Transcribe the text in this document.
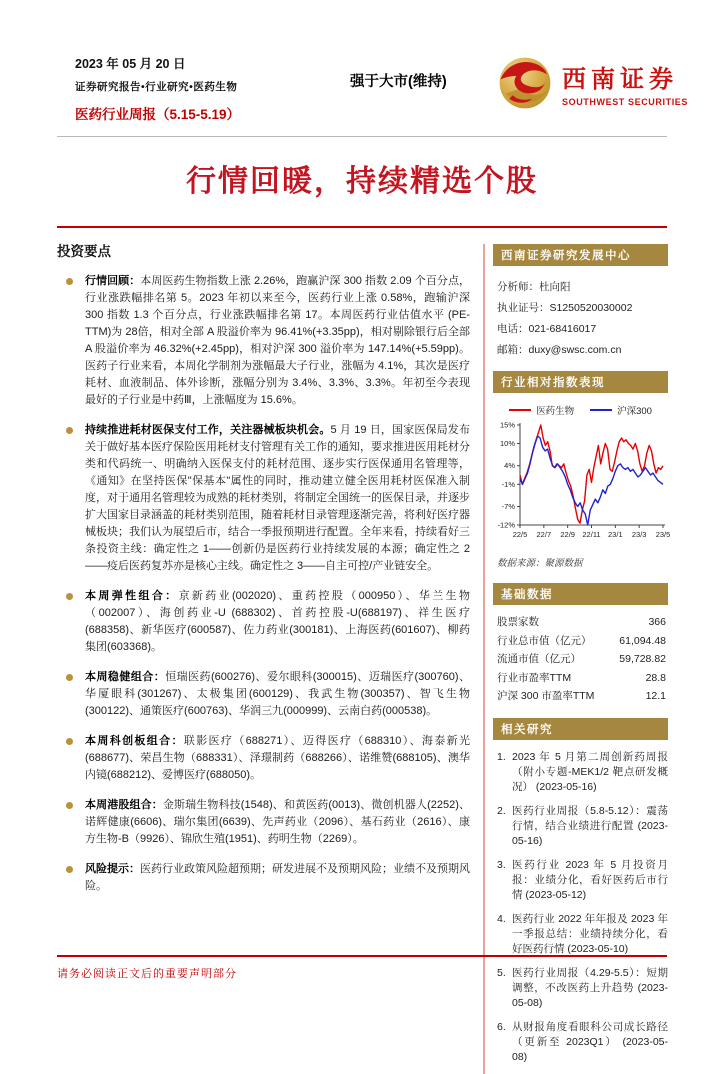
2023 年 05 月 20 日
证券研究报告•行业研究•医药生物
医药行业周报（5.15-5.19）
强于大市(维持)	西南证券
SOUTHWEST SECURITIES
行情回暖，持续精选个股
投资要点

行情回顾：本周医药生物指数上涨 2.26%，跑赢沪深 300 指数 2.09 个百分点，行业涨跌幅排名第 5。2023 年初以来至今，医药行业上涨 0.58%，跑输沪深 300 指数 1.3 个百分点，行业涨跌幅排名第 17。本周医药行业估值水平 (PE-TTM)为 28倍，相对全部 A 股溢价率为 96.41%(+3.35pp)，相对剔除银行后全部 A 股溢价率为 46.32%(+2.45pp)，相对沪深 300 溢价率为 147.14%(+5.59pp)。医药子行业来看，本周化学制剂为涨幅最大子行业，涨幅为 4.1%，其次是医疗耗材、血液制品、体外诊断，涨幅分别为 3.4%、3.3%、3.3%。年初至今表现最好的子行业是中药Ⅲ，上涨幅度为 15.6%。

持续推进耗材医保支付工作，关注器械板块机会。5 月 19 日，国家医保局发布关于做好基本医疗保险医用耗材支付管理有关工作的通知，要求推进医用耗材分类和代码统一、明确纳入医保支付的耗材范围、逐步实行医保通用名管理等，《通知》在坚持医保"保基本"属性的同时，推动建立健全医用耗材医保准入制度，对于通用名管理较为成熟的耗材类别，将制定全国统一的医保目录，并逐步扩大国家目录涵盖的耗材类别范围，随着耗材目录管理逐渐完善，将利好医疗器械板块；我们认为展望后市，结合一季报预期进行配置。全年来看，持续看好三条投资主线：确定性之 1——创新仍是医药行业持续发展的本源；确定性之 2——疫后医药复苏亦是核心主线。确定性之 3——自主可控/产业链安全。

本周弹性组合：京新药业(002020)、重药控股（000950）、华兰生物（002007）、海创药业-U (688302)、首药控股-U(688197)、祥生医疗(688358)、新华医疗(600587)、佐力药业(300181)、上海医药(601607)、柳药集团(603368)。

本周稳健组合：恒瑞医药(600276)、爱尔眼科(300015)、迈瑞医疗(300760)、华厦眼科(301267)、太极集团(600129)、我武生物(300357)、智飞生物(300122)、通策医疗(600763)、华润三九(000999)、云南白药(000538)。

本周科创板组合：联影医疗（688271）、迈得医疗（688310）、海泰新光(688677)、荣昌生物（688331）、泽璟制药（688266）、诺维赞(688105)、澳华内镜(688212)、爱博医疗(688050)。

本周港股组合：金斯瑞生物科技(1548)、和黄医药(0013)、微创机器人(2252)、诺辉健康(6606)、瑞尔集团(6639)、先声药业（2096）、基石药业（2616）、康方生物-B（9926）、锦欣生殖(1951)、药明生物（2269）。

风险提示：医药行业政策风险超预期；研发进展不及预期风险；业绩不及预期风险。

西南证券研究发展中心
分析师：杜向阳
执业证号：S1250520030002
电话：021-68416017
邮箱：duxy@swsc.com.cn
行业相对指数表现
医药生物	沪深300
15%
10%
4%
-1%
-7%
-12%
22/5 22/7 22/9 22/11 23/1 23/3 23/5
数据来源：聚源数据
基础数据
股票家数	366
行业总市值（亿元）	61,094.48
流通市值（亿元）	59,728.82
行业市盈率TTM	28.8
沪深 300 市盈率TTM	12.1
相关研究
1. 2023 年 5 月第二周创新药周报 （附小专题-MEK1/2 靶点研发概况） (2023-05-16)
2. 医药行业周报（5.8-5.12）：震荡行情，结合业绩进行配置 (2023-05-16)
3. 医药行业 2023 年 5 月投资月报：业绩分化，看好医药后市行情 (2023-05-12)
4. 医药行业 2022 年年报及 2023 年一季报总结：业绩持续分化，看好医药行情 (2023-05-10)
5. 医药行业周报（4.29-5.5）：短期调整，不改医药上升趋势 (2023-05-08)
6. 从财报角度看眼科公司成长路径（更新至 2023Q1） (2023-05-08)
请务必阅读正文后的重要声明部分
